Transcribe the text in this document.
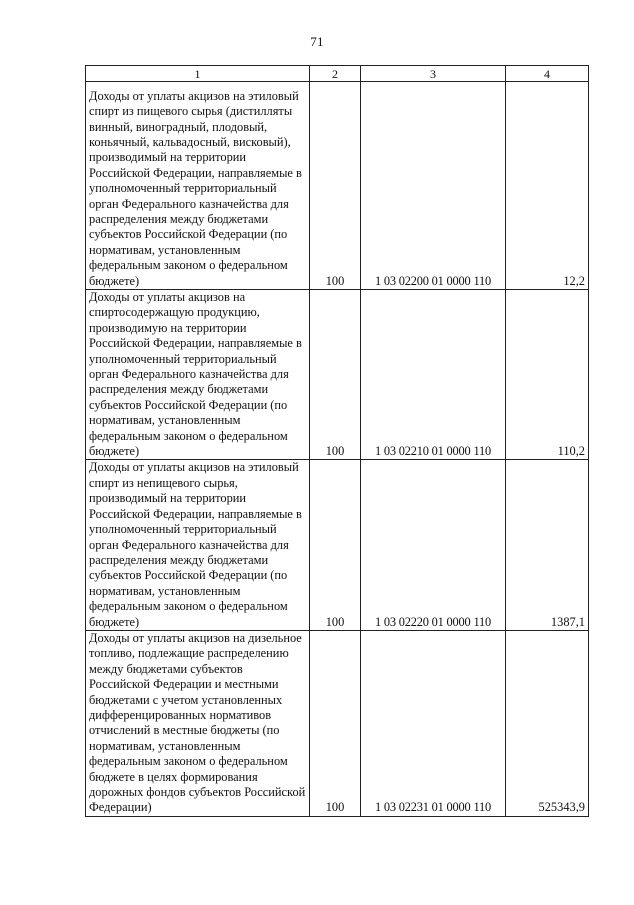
71
1	2	3	4
Доходы от уплаты акцизов на этиловый спирт из пищевого сырья (дистилляты винный, виноградный, плодовый, коньячный, кальвадосный, висковый), производимый на территории Российской Федерации, направляемые в уполномоченный территориальный орган Федерального казначейства для распределения между бюджетами субъектов Российской Федерации (по нормативам, установленным федеральным законом о федеральном бюджете)	100	1 03 02200 01 0000 110	12,2
Доходы от уплаты акцизов на спиртосодержащую продукцию, производимую на территории Российской Федерации, направляемые в уполномоченный территориальный орган Федерального казначейства для распределения между бюджетами субъектов Российской Федерации (по нормативам, установленным федеральным законом о федеральном бюджете)	100	1 03 02210 01 0000 110	110,2
Доходы от уплаты акцизов на этиловый спирт из непищевого сырья, производимый на территории Российской Федерации, направляемые в уполномоченный территориальный орган Федерального казначейства для распределения между бюджетами субъектов Российской Федерации (по нормативам, установленным федеральным законом о федеральном бюджете)	100	1 03 02220 01 0000 110	1387,1
Доходы от уплаты акцизов на дизельное топливо, подлежащие распределению между бюджетами субъектов Российской Федерации и местными бюджетами с учетом установленных дифференцированных нормативов отчислений в местные бюджеты (по нормативам, установленным федеральным законом о федеральном бюджете в целях формирования дорожных фондов субъектов Российской Федерации)	100	1 03 02231 01 0000 110	525343,9
